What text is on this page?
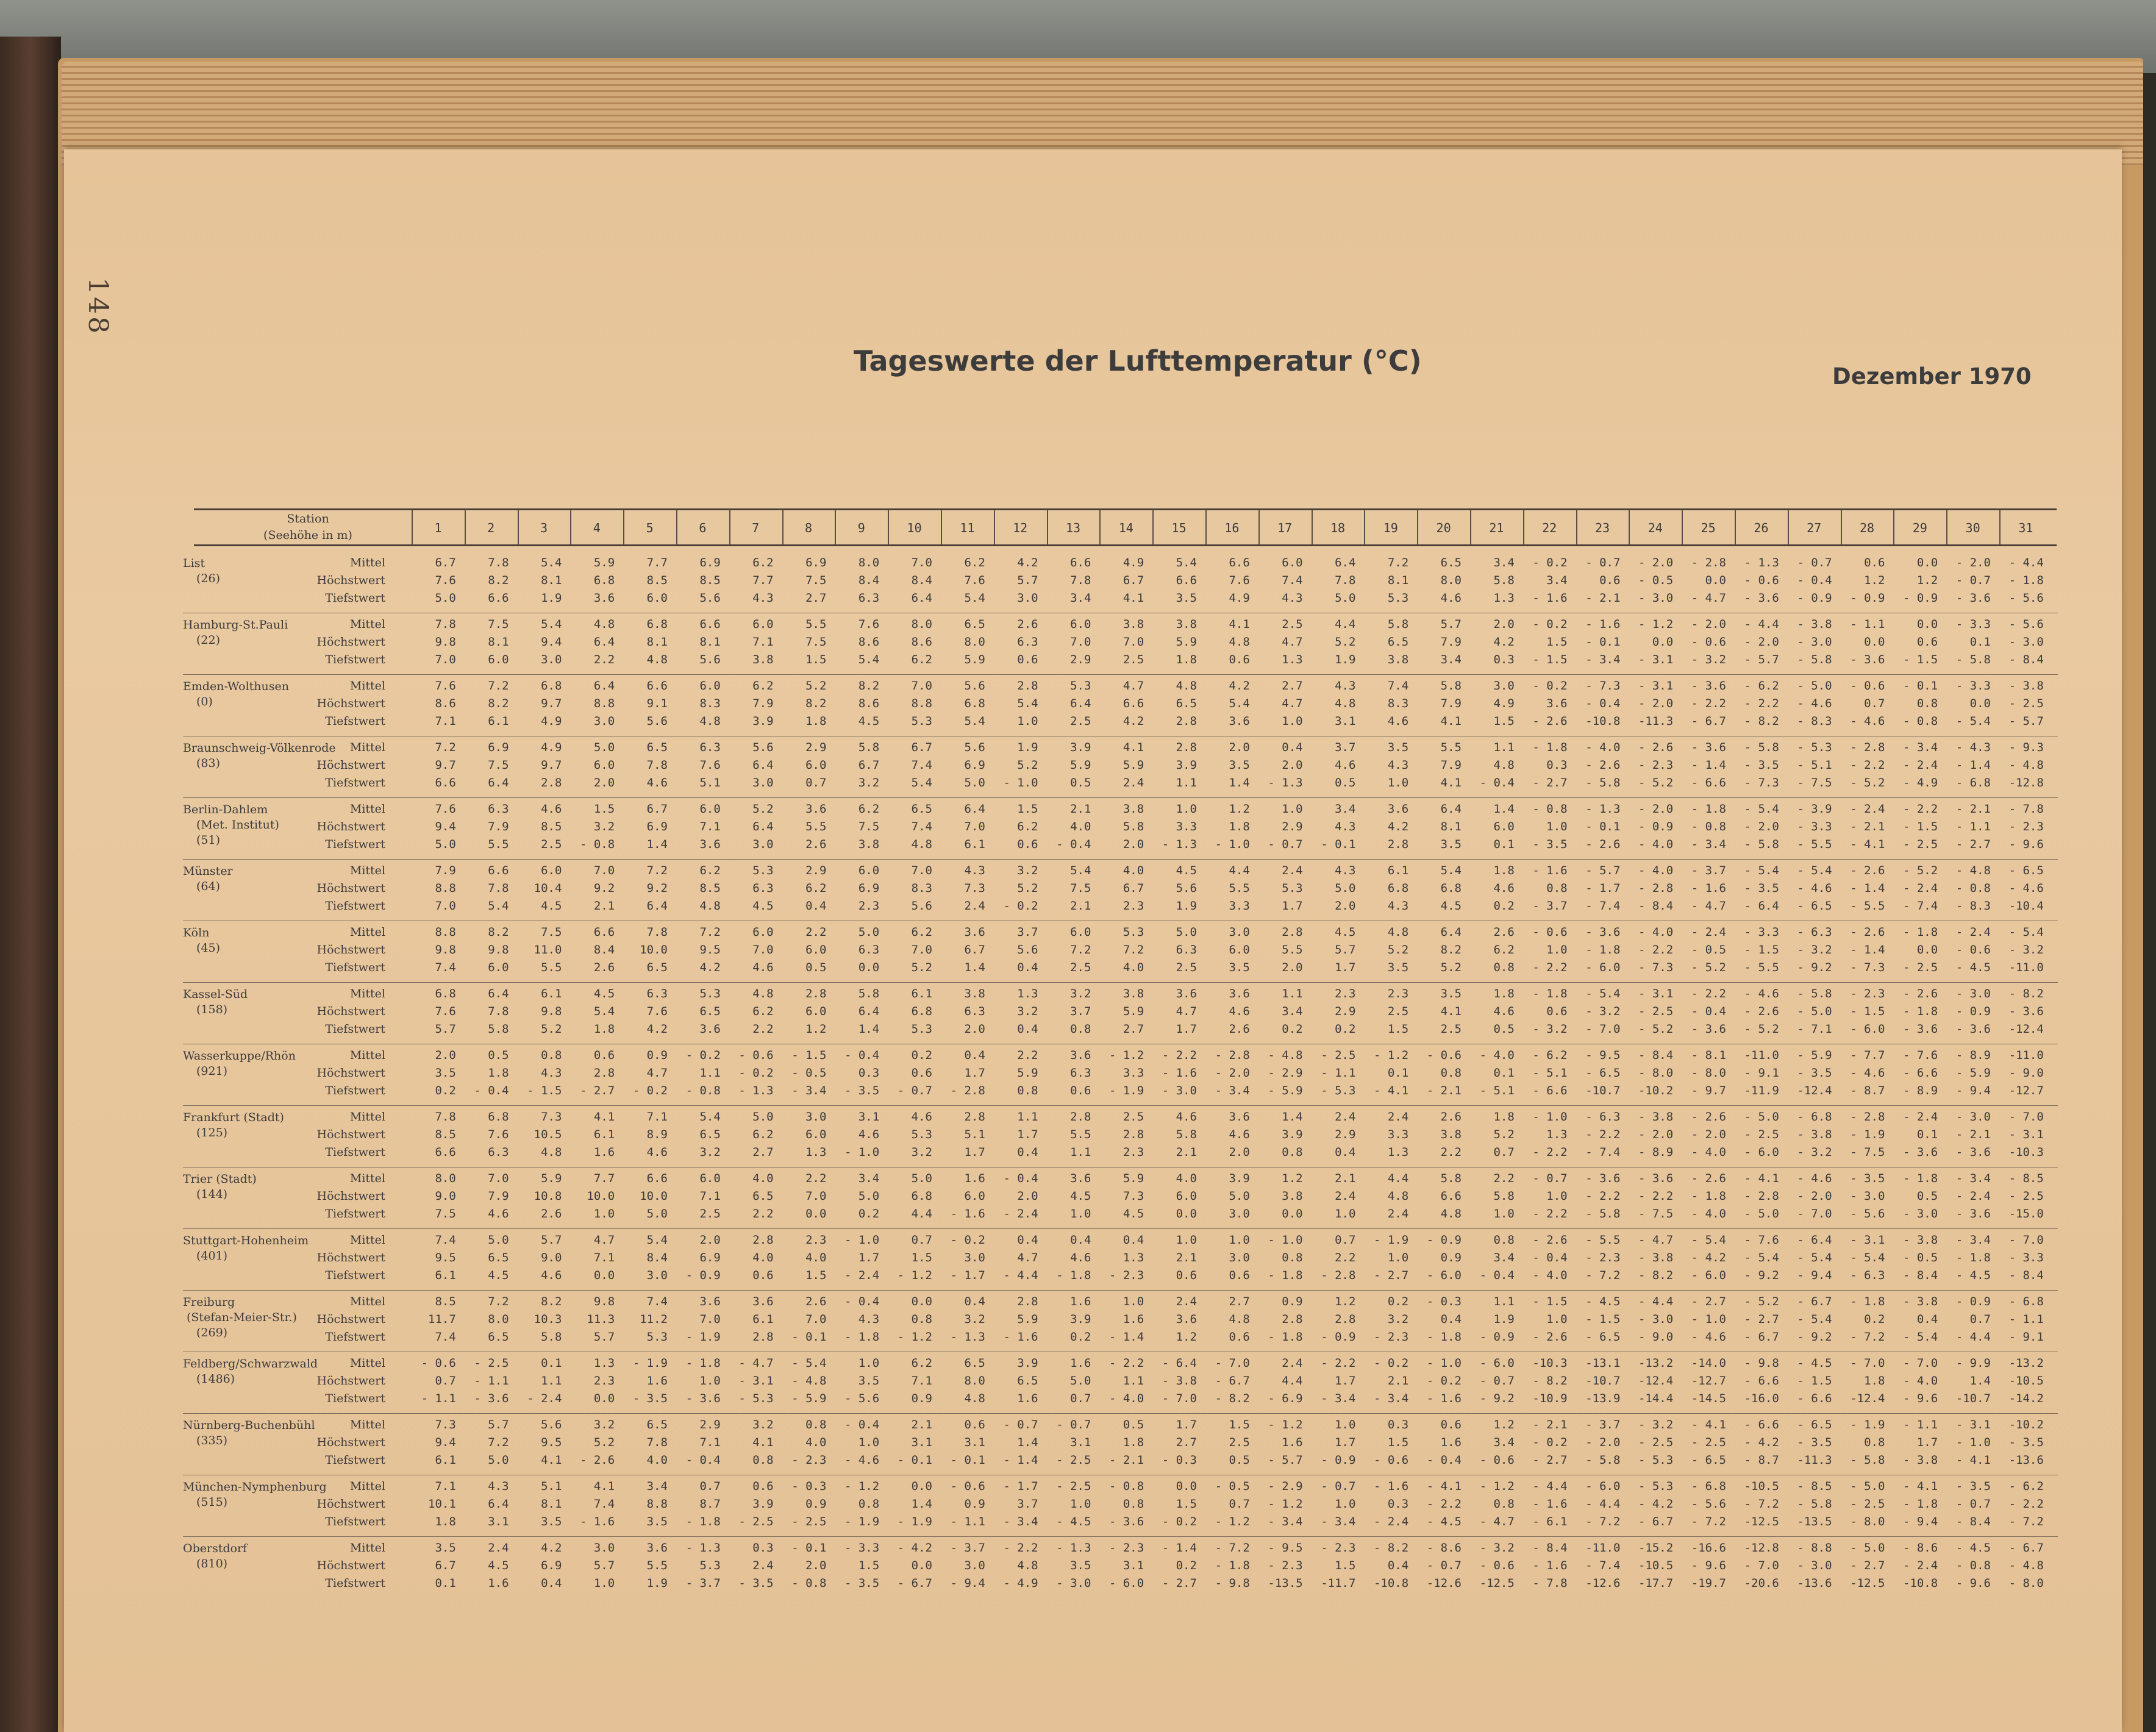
148
Tageswerte der Lufttemperatur (°C)	Dezember 1970
Station
(Seehöhe in m)	1	2	3	4	5	6	7	8	9	10	11	12	13	14	15	16	17	18	19	20	21	22	23	24	25	26	27	28	29	30	31
List
(26)
Mittel	6.7	7.8	5.4	5.9	7.7	6.9	6.2	6.9	8.0	7.0	6.2	4.2	6.6	4.9	5.4	6.6	6.0	6.4	7.2	6.5	3.4	- 0.2	- 0.7	- 2.0	- 2.8	- 1.3	- 0.7	0.6	0.0	- 2.0	- 4.4
Höchstwert	7.6	8.2	8.1	6.8	8.5	8.5	7.7	7.5	8.4	8.4	7.6	5.7	7.8	6.7	6.6	7.6	7.4	7.8	8.1	8.0	5.8	3.4	0.6	- 0.5	0.0	- 0.6	- 0.4	1.2	1.2	- 0.7	- 1.8
Tiefstwert	5.0	6.6	1.9	3.6	6.0	5.6	4.3	2.7	6.3	6.4	5.4	3.0	3.4	4.1	3.5	4.9	4.3	5.0	5.3	4.6	1.3	- 1.6	- 2.1	- 3.0	- 4.7	- 3.6	- 0.9	- 0.9	- 0.9	- 3.6	- 5.6
Hamburg-St.Pauli
(22)
Mittel	7.8	7.5	5.4	4.8	6.8	6.6	6.0	5.5	7.6	8.0	6.5	2.6	6.0	3.8	3.8	4.1	2.5	4.4	5.8	5.7	2.0	- 0.2	- 1.6	- 1.2	- 2.0	- 4.4	- 3.8	- 1.1	0.0	- 3.3	- 5.6
Höchstwert	9.8	8.1	9.4	6.4	8.1	8.1	7.1	7.5	8.6	8.6	8.0	6.3	7.0	7.0	5.9	4.8	4.7	5.2	6.5	7.9	4.2	1.5	- 0.1	0.0	- 0.6	- 2.0	- 3.0	0.0	0.6	0.1	- 3.0
Tiefstwert	7.0	6.0	3.0	2.2	4.8	5.6	3.8	1.5	5.4	6.2	5.9	0.6	2.9	2.5	1.8	0.6	1.3	1.9	3.8	3.4	0.3	- 1.5	- 3.4	- 3.1	- 3.2	- 5.7	- 5.8	- 3.6	- 1.5	- 5.8	- 8.4
Emden-Wolthusen
(0)
Mittel	7.6	7.2	6.8	6.4	6.6	6.0	6.2	5.2	8.2	7.0	5.6	2.8	5.3	4.7	4.8	4.2	2.7	4.3	7.4	5.8	3.0	- 0.2	- 7.3	- 3.1	- 3.6	- 6.2	- 5.0	- 0.6	- 0.1	- 3.3	- 3.8
Höchstwert	8.6	8.2	9.7	8.8	9.1	8.3	7.9	8.2	8.6	8.8	6.8	5.4	6.4	6.6	6.5	5.4	4.7	4.8	8.3	7.9	4.9	3.6	- 0.4	- 2.0	- 2.2	- 2.2	- 4.6	0.7	0.8	0.0	- 2.5
Tiefstwert	7.1	6.1	4.9	3.0	5.6	4.8	3.9	1.8	4.5	5.3	5.4	1.0	2.5	4.2	2.8	3.6	1.0	3.1	4.6	4.1	1.5	- 2.6	-10.8	-11.3	- 6.7	- 8.2	- 8.3	- 4.6	- 0.8	- 5.4	- 5.7
Braunschweig-Völkenrode
(83)
Mittel	7.2	6.9	4.9	5.0	6.5	6.3	5.6	2.9	5.8	6.7	5.6	1.9	3.9	4.1	2.8	2.0	0.4	3.7	3.5	5.5	1.1	- 1.8	- 4.0	- 2.6	- 3.6	- 5.8	- 5.3	- 2.8	- 3.4	- 4.3	- 9.3
Höchstwert	9.7	7.5	9.7	6.0	7.8	7.6	6.4	6.0	6.7	7.4	6.9	5.2	5.9	5.9	3.9	3.5	2.0	4.6	4.3	7.9	4.8	0.3	- 2.6	- 2.3	- 1.4	- 3.5	- 5.1	- 2.2	- 2.4	- 1.4	- 4.8
Tiefstwert	6.6	6.4	2.8	2.0	4.6	5.1	3.0	0.7	3.2	5.4	5.0	- 1.0	0.5	2.4	1.1	1.4	- 1.3	0.5	1.0	4.1	- 0.4	- 2.7	- 5.8	- 5.2	- 6.6	- 7.3	- 7.5	- 5.2	- 4.9	- 6.8	-12.8
Berlin-Dahlem
(Met. Institut)
(51)
Mittel	7.6	6.3	4.6	1.5	6.7	6.0	5.2	3.6	6.2	6.5	6.4	1.5	2.1	3.8	1.0	1.2	1.0	3.4	3.6	6.4	1.4	- 0.8	- 1.3	- 2.0	- 1.8	- 5.4	- 3.9	- 2.4	- 2.2	- 2.1	- 7.8
Höchstwert	9.4	7.9	8.5	3.2	6.9	7.1	6.4	5.5	7.5	7.4	7.0	6.2	4.0	5.8	3.3	1.8	2.9	4.3	4.2	8.1	6.0	1.0	- 0.1	- 0.9	- 0.8	- 2.0	- 3.3	- 2.1	- 1.5	- 1.1	- 2.3
Tiefstwert	5.0	5.5	2.5	- 0.8	1.4	3.6	3.0	2.6	3.8	4.8	6.1	0.6	- 0.4	2.0	- 1.3	- 1.0	- 0.7	- 0.1	2.8	3.5	0.1	- 3.5	- 2.6	- 4.0	- 3.4	- 5.8	- 5.5	- 4.1	- 2.5	- 2.7	- 9.6
Münster
(64)
Mittel	7.9	6.6	6.0	7.0	7.2	6.2	5.3	2.9	6.0	7.0	4.3	3.2	5.4	4.0	4.5	4.4	2.4	4.3	6.1	5.4	1.8	- 1.6	- 5.7	- 4.0	- 3.7	- 5.4	- 5.4	- 2.6	- 5.2	- 4.8	- 6.5
Höchstwert	8.8	7.8	10.4	9.2	9.2	8.5	6.3	6.2	6.9	8.3	7.3	5.2	7.5	6.7	5.6	5.5	5.3	5.0	6.8	6.8	4.6	0.8	- 1.7	- 2.8	- 1.6	- 3.5	- 4.6	- 1.4	- 2.4	- 0.8	- 4.6
Tiefstwert	7.0	5.4	4.5	2.1	6.4	4.8	4.5	0.4	2.3	5.6	2.4	- 0.2	2.1	2.3	1.9	3.3	1.7	2.0	4.3	4.5	0.2	- 3.7	- 7.4	- 8.4	- 4.7	- 6.4	- 6.5	- 5.5	- 7.4	- 8.3	-10.4
Köln
(45)
Mittel	8.8	8.2	7.5	6.6	7.8	7.2	6.0	2.2	5.0	6.2	3.6	3.7	6.0	5.3	5.0	3.0	2.8	4.5	4.8	6.4	2.6	- 0.6	- 3.6	- 4.0	- 2.4	- 3.3	- 6.3	- 2.6	- 1.8	- 2.4	- 5.4
Höchstwert	9.8	9.8	11.0	8.4	10.0	9.5	7.0	6.0	6.3	7.0	6.7	5.6	7.2	7.2	6.3	6.0	5.5	5.7	5.2	8.2	6.2	1.0	- 1.8	- 2.2	- 0.5	- 1.5	- 3.2	- 1.4	0.0	- 0.6	- 3.2
Tiefstwert	7.4	6.0	5.5	2.6	6.5	4.2	4.6	0.5	0.0	5.2	1.4	0.4	2.5	4.0	2.5	3.5	2.0	1.7	3.5	5.2	0.8	- 2.2	- 6.0	- 7.3	- 5.2	- 5.5	- 9.2	- 7.3	- 2.5	- 4.5	-11.0
Kassel-Süd
(158)
Mittel	6.8	6.4	6.1	4.5	6.3	5.3	4.8	2.8	5.8	6.1	3.8	1.3	3.2	3.8	3.6	3.6	1.1	2.3	2.3	3.5	1.8	- 1.8	- 5.4	- 3.1	- 2.2	- 4.6	- 5.8	- 2.3	- 2.6	- 3.0	- 8.2
Höchstwert	7.6	7.8	9.8	5.4	7.6	6.5	6.2	6.0	6.4	6.8	6.3	3.2	3.7	5.9	4.7	4.6	3.4	2.9	2.5	4.1	4.6	0.6	- 3.2	- 2.5	- 0.4	- 2.6	- 5.0	- 1.5	- 1.8	- 0.9	- 3.6
Tiefstwert	5.7	5.8	5.2	1.8	4.2	3.6	2.2	1.2	1.4	5.3	2.0	0.4	0.8	2.7	1.7	2.6	0.2	0.2	1.5	2.5	0.5	- 3.2	- 7.0	- 5.2	- 3.6	- 5.2	- 7.1	- 6.0	- 3.6	- 3.6	-12.4
Wasserkuppe/Rhön
(921)
Mittel	2.0	0.5	0.8	0.6	0.9	- 0.2	- 0.6	- 1.5	- 0.4	0.2	0.4	2.2	3.6	- 1.2	- 2.2	- 2.8	- 4.8	- 2.5	- 1.2	- 0.6	- 4.0	- 6.2	- 9.5	- 8.4	- 8.1	-11.0	- 5.9	- 7.7	- 7.6	- 8.9	-11.0
Höchstwert	3.5	1.8	4.3	2.8	4.7	1.1	- 0.2	- 0.5	0.3	0.6	1.7	5.9	6.3	3.3	- 1.6	- 2.0	- 2.9	- 1.1	0.1	0.8	0.1	- 5.1	- 6.5	- 8.0	- 8.0	- 9.1	- 3.5	- 4.6	- 6.6	- 5.9	- 9.0
Tiefstwert	0.2	- 0.4	- 1.5	- 2.7	- 0.2	- 0.8	- 1.3	- 3.4	- 3.5	- 0.7	- 2.8	0.8	0.6	- 1.9	- 3.0	- 3.4	- 5.9	- 5.3	- 4.1	- 2.1	- 5.1	- 6.6	-10.7	-10.2	- 9.7	-11.9	-12.4	- 8.7	- 8.9	- 9.4	-12.7
Frankfurt (Stadt)
(125)
Mittel	7.8	6.8	7.3	4.1	7.1	5.4	5.0	3.0	3.1	4.6	2.8	1.1	2.8	2.5	4.6	3.6	1.4	2.4	2.4	2.6	1.8	- 1.0	- 6.3	- 3.8	- 2.6	- 5.0	- 6.8	- 2.8	- 2.4	- 3.0	- 7.0
Höchstwert	8.5	7.6	10.5	6.1	8.9	6.5	6.2	6.0	4.6	5.3	5.1	1.7	5.5	2.8	5.8	4.6	3.9	2.9	3.3	3.8	5.2	1.3	- 2.2	- 2.0	- 2.0	- 2.5	- 3.8	- 1.9	0.1	- 2.1	- 3.1
Tiefstwert	6.6	6.3	4.8	1.6	4.6	3.2	2.7	1.3	- 1.0	3.2	1.7	0.4	1.1	2.3	2.1	2.0	0.8	0.4	1.3	2.2	0.7	- 2.2	- 7.4	- 8.9	- 4.0	- 6.0	- 3.2	- 7.5	- 3.6	- 3.6	-10.3
Trier (Stadt)
(144)
Mittel	8.0	7.0	5.9	7.7	6.6	6.0	4.0	2.2	3.4	5.0	1.6	- 0.4	3.6	5.9	4.0	3.9	1.2	2.1	4.4	5.8	2.2	- 0.7	- 3.6	- 3.6	- 2.6	- 4.1	- 4.6	- 3.5	- 1.8	- 3.4	- 8.5
Höchstwert	9.0	7.9	10.8	10.0	10.0	7.1	6.5	7.0	5.0	6.8	6.0	2.0	4.5	7.3	6.0	5.0	3.8	2.4	4.8	6.6	5.8	1.0	- 2.2	- 2.2	- 1.8	- 2.8	- 2.0	- 3.0	0.5	- 2.4	- 2.5
Tiefstwert	7.5	4.6	2.6	1.0	5.0	2.5	2.2	0.0	0.2	4.4	- 1.6	- 2.4	1.0	4.5	0.0	3.0	0.0	1.0	2.4	4.8	1.0	- 2.2	- 5.8	- 7.5	- 4.0	- 5.0	- 7.0	- 5.6	- 3.0	- 3.6	-15.0
Stuttgart-Hohenheim
(401)
Mittel	7.4	5.0	5.7	4.7	5.4	2.0	2.8	2.3	- 1.0	0.7	- 0.2	0.4	0.4	0.4	1.0	1.0	- 1.0	0.7	- 1.9	- 0.9	0.8	- 2.6	- 5.5	- 4.7	- 5.4	- 7.6	- 6.4	- 3.1	- 3.8	- 3.4	- 7.0
Höchstwert	9.5	6.5	9.0	7.1	8.4	6.9	4.0	4.0	1.7	1.5	3.0	4.7	4.6	1.3	2.1	3.0	0.8	2.2	1.0	0.9	3.4	- 0.4	- 2.3	- 3.8	- 4.2	- 5.4	- 5.4	- 5.4	- 0.5	- 1.8	- 3.3
Tiefstwert	6.1	4.5	4.6	0.0	3.0	- 0.9	0.6	1.5	- 2.4	- 1.2	- 1.7	- 4.4	- 1.8	- 2.3	0.6	0.6	- 1.8	- 2.8	- 2.7	- 6.0	- 0.4	- 4.0	- 7.2	- 8.2	- 6.0	- 9.2	- 9.4	- 6.3	- 8.4	- 4.5	- 8.4
Freiburg
(Stefan-Meier-Str.)
(269)
Mittel	8.5	7.2	8.2	9.8	7.4	3.6	3.6	2.6	- 0.4	0.0	0.4	2.8	1.6	1.0	2.4	2.7	0.9	1.2	0.2	- 0.3	1.1	- 1.5	- 4.5	- 4.4	- 2.7	- 5.2	- 6.7	- 1.8	- 3.8	- 0.9	- 6.8
Höchstwert	11.7	8.0	10.3	11.3	11.2	7.0	6.1	7.0	4.3	0.8	3.2	5.9	3.9	1.6	3.6	4.8	2.8	2.8	3.2	0.4	1.9	1.0	- 1.5	- 3.0	- 1.0	- 2.7	- 5.4	0.2	0.4	0.7	- 1.1
Tiefstwert	7.4	6.5	5.8	5.7	5.3	- 1.9	2.8	- 0.1	- 1.8	- 1.2	- 1.3	- 1.6	0.2	- 1.4	1.2	0.6	- 1.8	- 0.9	- 2.3	- 1.8	- 0.9	- 2.6	- 6.5	- 9.0	- 4.6	- 6.7	- 9.2	- 7.2	- 5.4	- 4.4	- 9.1
Feldberg/Schwarzwald
(1486)
Mittel	- 0.6	- 2.5	0.1	1.3	- 1.9	- 1.8	- 4.7	- 5.4	1.0	6.2	6.5	3.9	1.6	- 2.2	- 6.4	- 7.0	2.4	- 2.2	- 0.2	- 1.0	- 6.0	-10.3	-13.1	-13.2	-14.0	- 9.8	- 4.5	- 7.0	- 7.0	- 9.9	-13.2
Höchstwert	0.7	- 1.1	1.1	2.3	1.6	1.0	- 3.1	- 4.8	3.5	7.1	8.0	6.5	5.0	1.1	- 3.8	- 6.7	4.4	1.7	2.1	- 0.2	- 0.7	- 8.2	-10.7	-12.4	-12.7	- 6.6	- 1.5	1.8	- 4.0	1.4	-10.5
Tiefstwert	- 1.1	- 3.6	- 2.4	0.0	- 3.5	- 3.6	- 5.3	- 5.9	- 5.6	0.9	4.8	1.6	0.7	- 4.0	- 7.0	- 8.2	- 6.9	- 3.4	- 3.4	- 1.6	- 9.2	-10.9	-13.9	-14.4	-14.5	-16.0	- 6.6	-12.4	- 9.6	-10.7	-14.2
Nürnberg-Buchenbühl
(335)
Mittel	7.3	5.7	5.6	3.2	6.5	2.9	3.2	0.8	- 0.4	2.1	0.6	- 0.7	- 0.7	0.5	1.7	1.5	- 1.2	1.0	0.3	0.6	1.2	- 2.1	- 3.7	- 3.2	- 4.1	- 6.6	- 6.5	- 1.9	- 1.1	- 3.1	-10.2
Höchstwert	9.4	7.2	9.5	5.2	7.8	7.1	4.1	4.0	1.0	3.1	3.1	1.4	3.1	1.8	2.7	2.5	1.6	1.7	1.5	1.6	3.4	- 0.2	- 2.0	- 2.5	- 2.5	- 4.2	- 3.5	0.8	1.7	- 1.0	- 3.5
Tiefstwert	6.1	5.0	4.1	- 2.6	4.0	- 0.4	0.8	- 2.3	- 4.6	- 0.1	- 0.1	- 1.4	- 2.5	- 2.1	- 0.3	0.5	- 5.7	- 0.9	- 0.6	- 0.4	- 0.6	- 2.7	- 5.8	- 5.3	- 6.5	- 8.7	-11.3	- 5.8	- 3.8	- 4.1	-13.6
München-Nymphenburg
(515)
Mittel	7.1	4.3	5.1	4.1	3.4	0.7	0.6	- 0.3	- 1.2	0.0	- 0.6	- 1.7	- 2.5	- 0.8	0.0	- 0.5	- 2.9	- 0.7	- 1.6	- 4.1	- 1.2	- 4.4	- 6.0	- 5.3	- 6.8	-10.5	- 8.5	- 5.0	- 4.1	- 3.5	- 6.2
Höchstwert	10.1	6.4	8.1	7.4	8.8	8.7	3.9	0.9	0.8	1.4	0.9	3.7	1.0	0.8	1.5	0.7	- 1.2	1.0	0.3	- 2.2	0.8	- 1.6	- 4.4	- 4.2	- 5.6	- 7.2	- 5.8	- 2.5	- 1.8	- 0.7	- 2.2
Tiefstwert	1.8	3.1	3.5	- 1.6	3.5	- 1.8	- 2.5	- 2.5	- 1.9	- 1.9	- 1.1	- 3.4	- 4.5	- 3.6	- 0.2	- 1.2	- 3.4	- 3.4	- 2.4	- 4.5	- 4.7	- 6.1	- 7.2	- 6.7	- 7.2	-12.5	-13.5	- 8.0	- 9.4	- 8.4	- 7.2
Oberstdorf
(810)
Mittel	3.5	2.4	4.2	3.0	3.6	- 1.3	0.3	- 0.1	- 3.3	- 4.2	- 3.7	- 2.2	- 1.3	- 2.3	- 1.4	- 7.2	- 9.5	- 2.3	- 8.2	- 8.6	- 3.2	- 8.4	-11.0	-15.2	-16.6	-12.8	- 8.8	- 5.0	- 8.6	- 4.5	- 6.7
Höchstwert	6.7	4.5	6.9	5.7	5.5	5.3	2.4	2.0	1.5	0.0	3.0	4.8	3.5	3.1	0.2	- 1.8	- 2.3	1.5	0.4	- 0.7	- 0.6	- 1.6	- 7.4	-10.5	- 9.6	- 7.0	- 3.0	- 2.7	- 2.4	- 0.8	- 4.8
Tiefstwert	0.1	1.6	0.4	1.0	1.9	- 3.7	- 3.5	- 0.8	- 3.5	- 6.7	- 9.4	- 4.9	- 3.0	- 6.0	- 2.7	- 9.8	-13.5	-11.7	-10.8	-12.6	-12.5	- 7.8	-12.6	-17.7	-19.7	-20.6	-13.6	-12.5	-10.8	- 9.6	- 8.0
